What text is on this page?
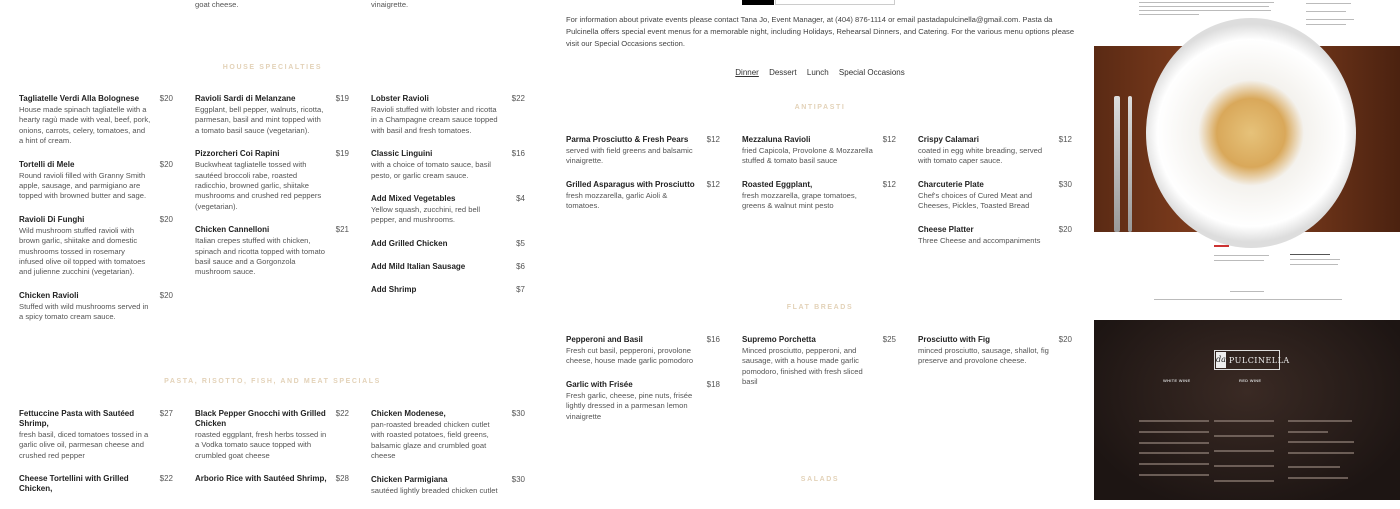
goat cheese.	vinaigrette.
HOUSE SPECIALTIES
Tagliatelle Verdi Alla Bolognese	$20
House made spinach tagliatelle with a hearty ragù made with veal, beef, pork, onions, carrots, celery, tomatoes, and a hint of cream.
Tortelli di Mele	$20
Round ravioli filled with Granny Smith apple, sausage, and parmigiano are topped with browned butter and sage.
Ravioli Di Funghi	$20
Wild mushroom stuffed ravioli with brown garlic, shiitake and domestic mushrooms tossed in rosemary infused olive oil topped with tomatoes and julienne zucchini (vegetarian).
Chicken Ravioli	$20
Stuffed with wild mushrooms served in a spicy tomato cream sauce.
Ravioli Sardi di Melanzane	$19
Eggplant, bell pepper, walnuts, ricotta, parmesan, basil and mint topped with a tomato basil sauce (vegetarian).
Pizzorcheri Coi Rapini	$19
Buckwheat tagliatelle tossed with sautéed broccoli rabe, roasted radicchio, browned garlic, shiitake mushrooms and crushed red peppers (vegetarian).
Chicken Cannelloni	$21
Italian crepes stuffed with chicken, spinach and ricotta topped with tomato basil sauce and a Gorgonzola mushroom sauce.
Lobster Ravioli	$22
Ravioli stuffed with lobster and ricotta in a Champagne cream sauce topped with basil and fresh tomatoes.
Classic Linguini	$16
with a choice of tomato sauce, basil pesto, or garlic cream sauce.
Add Mixed Vegetables	$4
Yellow squash, zucchini, red bell pepper, and mushrooms.
Add Grilled Chicken	$5
Add Mild Italian Sausage	$6
Add Shrimp	$7
PASTA, RISOTTO, FISH, AND MEAT SPECIALS
Fettuccine Pasta with Sautéed Shrimp,
$27
fresh basil, diced tomatoes tossed in a garlic olive oil, parmesan cheese and crushed red pepper
Cheese Tortellini with Grilled Chicken,
$22
Black Pepper Gnocchi with Grilled Chicken
$22
roasted eggplant, fresh herbs tossed in a Vodka tomato sauce topped with crumbled goat cheese
Arborio Rice with Sautéed Shrimp, $28
Chicken Modenese,	$30
pan-roasted breaded chicken cutlet with roasted potatoes, field greens, balsamic glaze and crumbled goat cheese
Chicken Parmigiana	$30
sautéed lightly breaded chicken cutlet

For information about private events please contact Tana Jo, Event Manager, at (404) 876-1114 or email pastadapulcinella@gmail.com. Pasta da Pulcinella offers special event menus for a memorable night, including Holidays, Rehearsal Dinners, and Catering. For the various menu options please visit our Special Occasions section.

Dinner Dessert Lunch Special Occasions
ANTIPASTI
Parma Prosciutto & Fresh Pears	$12
served with field greens and balsamic vinaigrette.
Grilled Asparagus with Prosciutto	$12
fresh mozzarella, garlic Aioli & tomatoes.
Mezzaluna Ravioli	$12
fried Capicola, Provolone & Mozzarella stuffed & tomato basil sauce
Roasted Eggplant,	$12
fresh mozzarella, grape tomatoes, greens & walnut mint pesto
Crispy Calamari	$12
coated in egg white breading, served with tomato caper sauce.
Charcuterie Plate	$30
Chef's choices of Cured Meat and Cheeses, Pickles, Toasted Bread
Cheese Platter	$20
Three Cheese and accompaniments
FLAT BREADS
Pepperoni and Basil	$16
Fresh cut basil, pepperoni, provolone cheese, house made garlic pomodoro
Garlic with Frisée	$18
Fresh garlic, cheese, pine nuts, frisée lightly dressed in a parmesan lemon vinaigrette
Supremo Porchetta	$25
Minced prosciutto, pepperoni, and sausage, with a house made garlic pomodoro, finished with fresh sliced basil
Prosciutto with Fig	$20
minced prosciutto, sausage, shallot, fig preserve and provolone cheese.
SALADS
da PULCINELLA
WHITE WINE	RED WINE
